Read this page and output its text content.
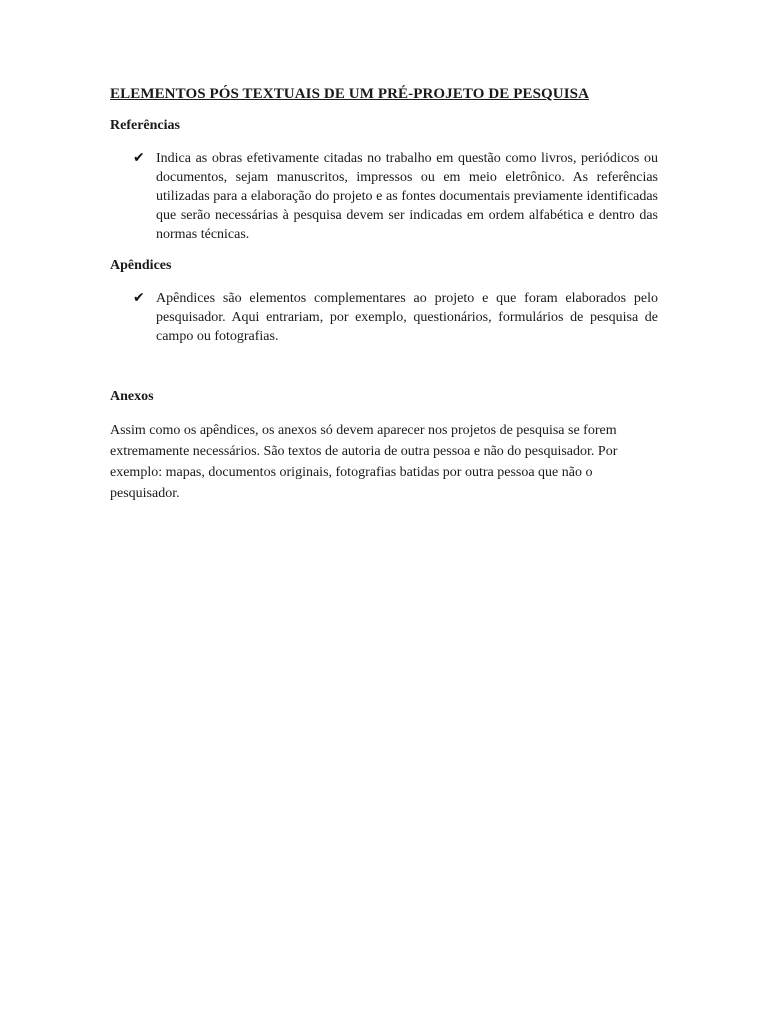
ELEMENTOS PÓS TEXTUAIS DE UM PRÉ-PROJETO DE PESQUISA
Referências
✔ Indica as obras efetivamente citadas no trabalho em questão como livros, periódicos ou documentos, sejam manuscritos, impressos ou em meio eletrônico. As referências utilizadas para a elaboração do projeto e as fontes documentais previamente identificadas que serão necessárias à pesquisa devem ser indicadas em ordem alfabética e dentro das normas técnicas.
Apêndices
✔ Apêndices são elementos complementares ao projeto e que foram elaborados pelo pesquisador. Aqui entrariam, por exemplo, questionários, formulários de pesquisa de campo ou fotografias.
Anexos
Assim como os apêndices, os anexos só devem aparecer nos projetos de pesquisa se forem extremamente necessários. São textos de autoria de outra pessoa e não do pesquisador. Por exemplo: mapas, documentos originais, fotografias batidas por outra pessoa que não o pesquisador.
